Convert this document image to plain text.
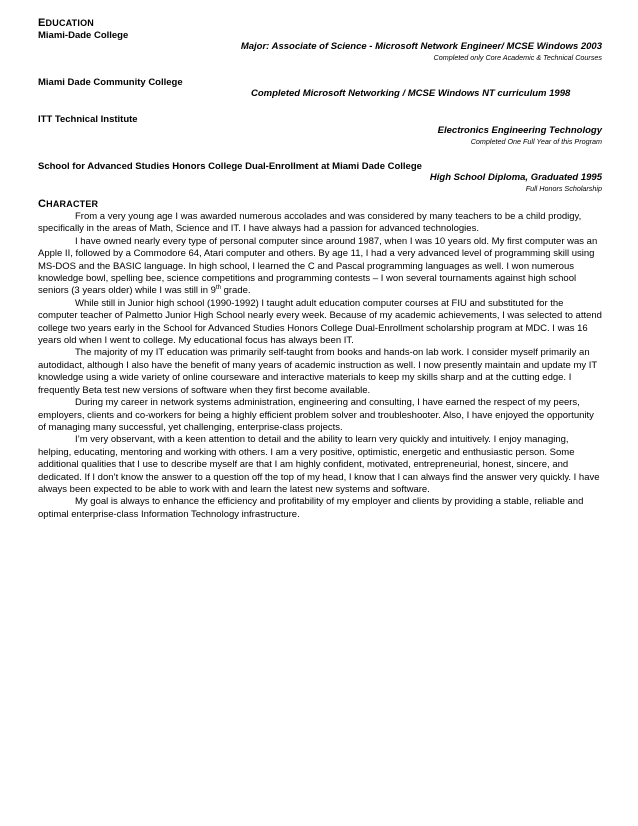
EDUCATION
Miami-Dade College
Major: Associate of Science - Microsoft Network Engineer/ MCSE Windows 2003
Completed only Core Academic & Technical Courses
Miami Dade Community College
Completed Microsoft Networking / MCSE Windows NT curriculum 1998
ITT Technical Institute
Electronics Engineering Technology
Completed One Full Year of this Program
School for Advanced Studies Honors College Dual-Enrollment at Miami Dade College
High School Diploma, Graduated 1995
Full Honors Scholarship
CHARACTER

From a very young age I was awarded numerous accolades and was considered by many teachers to be a child prodigy, specifically in the areas of Math, Science and IT. I have always had a passion for advanced technologies.

I have owned nearly every type of personal computer since around 1987, when I was 10 years old. My first computer was an Apple II, followed by a Commodore 64, Atari computer and others. By age 11, I had a very advanced level of programming skill using MS-DOS and the BASIC language. In high school, I learned the C and Pascal programming languages as well. I won numerous knowledge bowl, spelling bee, science competitions and programming contests – I won several tournaments against high school seniors (3 years older) while I was still in 9th grade.

While still in Junior high school (1990-1992) I taught adult education computer courses at FIU and substituted for the computer teacher of Palmetto Junior High School nearly every week. Because of my academic achievements, I was selected to attend college two years early in the School for Advanced Studies Honors College Dual-Enrollment scholarship program at MDC. I was 16 years old when I went to college. My educational focus has always been IT.

The majority of my IT education was primarily self-taught from books and hands-on lab work. I consider myself primarily an autodidact, although I also have the benefit of many years of academic instruction as well. I now presently maintain and update my IT knowledge using a wide variety of online courseware and interactive materials to keep my skills sharp and at the cutting edge. I frequently Beta test new versions of software when they first become available.

During my career in network systems administration, engineering and consulting, I have earned the respect of my peers, employers, clients and co-workers for being a highly efficient problem solver and troubleshooter. Also, I have enjoyed the opportunity of managing many successful, yet challenging, enterprise-class projects.

I’m very observant, with a keen attention to detail and the ability to learn very quickly and intuitively. I enjoy managing, helping, educating, mentoring and working with others. I am a very positive, optimistic, energetic and enthusiastic person. Some additional qualities that I use to describe myself are that I am highly confident, motivated, entrepreneurial, honest, sincere, and dedicated. If I don’t know the answer to a question off the top of my head, I know that I can always find the answer very quickly. I have always been expected to be able to work with and learn the latest new systems and software.

My goal is always to enhance the efficiency and profitability of my employer and clients by providing a stable, reliable and optimal enterprise-class Information Technology infrastructure.
